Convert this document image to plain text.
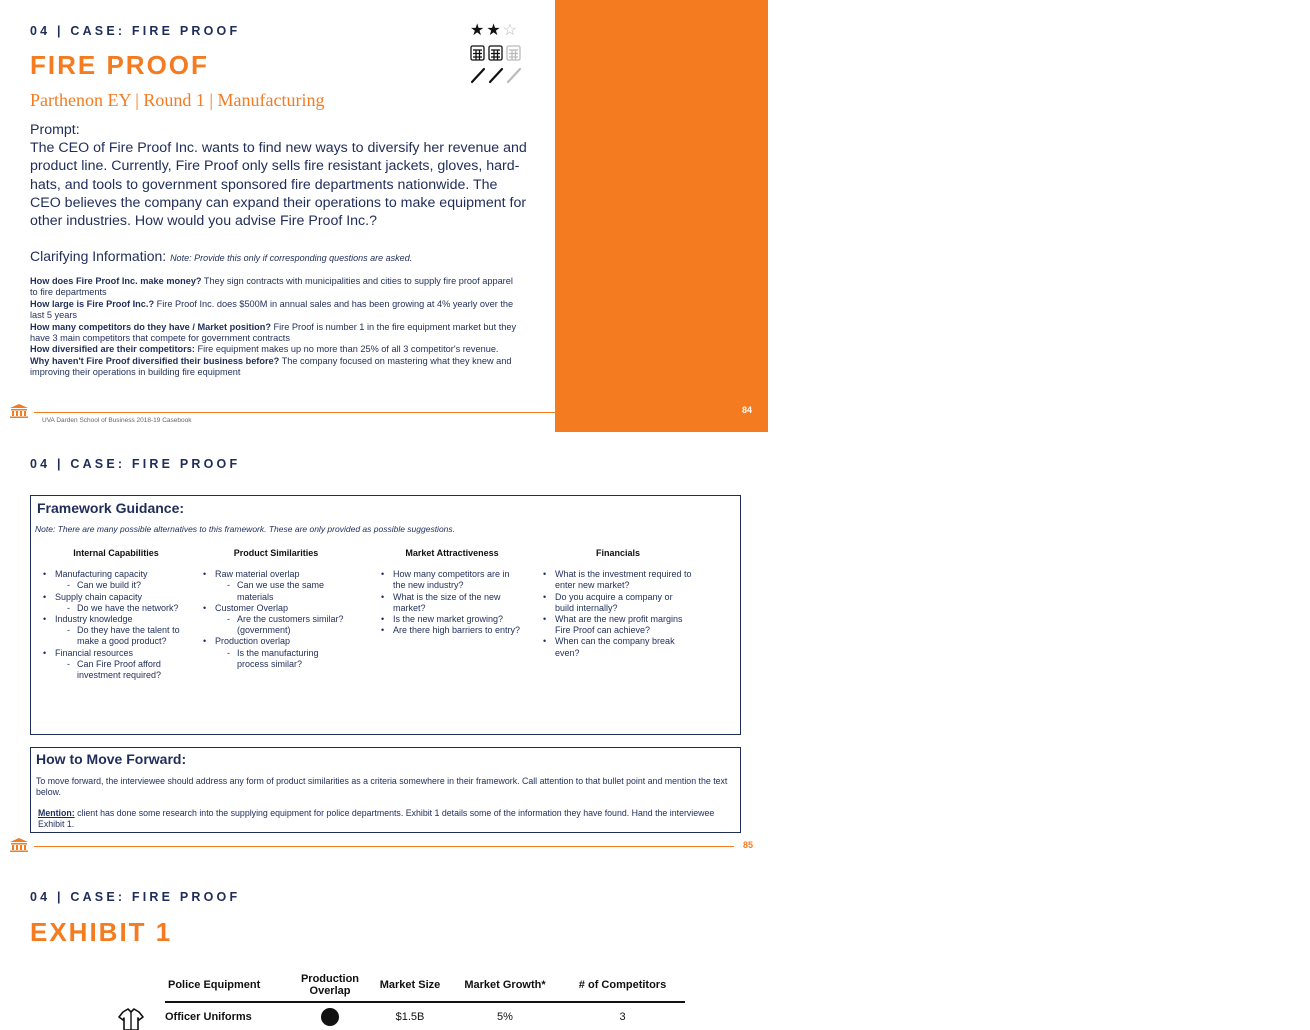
BEHAVIORAL INTERVIEW QUESTION:

1. What is your favorite class at Darden and why?

2. Tell me about a time where you had to make a decision with limited information. What was your approach?

04 | CASE: FIRE PROOF
FIRE PROOF
Parthenon EY | Round 1 | Manufacturing
★ ★ ☆
Prompt:
The CEO of Fire Proof Inc. wants to find new ways to diversify her revenue and product line. Currently, Fire Proof only sells fire resistant jackets, gloves, hard-hats, and tools to government sponsored fire departments nationwide. The CEO believes the company can expand their operations to make equipment for other industries. How would you advise Fire Proof Inc.?
Clarifying Information: Note: Provide this only if corresponding questions are asked.
How does Fire Proof Inc. make money? They sign contracts with municipalities and cities to supply fire proof apparel to fire departments
How large is Fire Proof Inc.? Fire Proof Inc. does $500M in annual sales and has been growing at 4% yearly over the last 5 years
How many competitors do they have / Market position? Fire Proof is number 1 in the fire equipment market but they have 3 main competitors that compete for government contracts
How diversified are their competitors: Fire equipment makes up no more than 25% of all 3 competitor's revenue.
Why haven't Fire Proof diversified their business before? The company focused on mastering what they knew and improving their operations in building fire equipment
UVA Darden School of Business 2018-19 Casebook
84
04 | CASE: FIRE PROOF
Framework Guidance:
Note: There are many possible alternatives to this framework. These are only provided as possible suggestions.
Internal Capabilities
• Manufacturing capacity
- Can we build it?
• Supply chain capacity
- Do we have the network?
• Industry knowledge
- Do they have the talent to make a good product?
• Financial resources
- Can Fire Proof afford investment required?
Product Similarities
• Raw material overlap
- Can we use the same materials
• Customer Overlap
- Are the customers similar? (government)
• Production overlap
- Is the manufacturing process similar?
Market Attractiveness
• How many competitors are in the new industry?
• What is the size of the new market?
• Is the new market growing?
• Are there high barriers to entry?
Financials
• What is the investment required to enter new market?
• Do you acquire a company or build internally?
• What are the new profit margins Fire Proof can achieve?
• When can the company break even?
How to Move Forward:
To move forward, the interviewee should address any form of product similarities as a criteria somewhere in their framework. Call attention to that bullet point and mention the text below.
Mention: client has done some research into the supplying equipment for police departments. Exhibit 1 details some of the information they have found. Hand the interviewee Exhibit 1.
85
04 | CASE: FIRE PROOF
EXHIBIT 1
Police Equipment	Production Overlap	Market Size	Market Growth*	# of Competitors
Officer Uniforms		$1.5B	5%	3
